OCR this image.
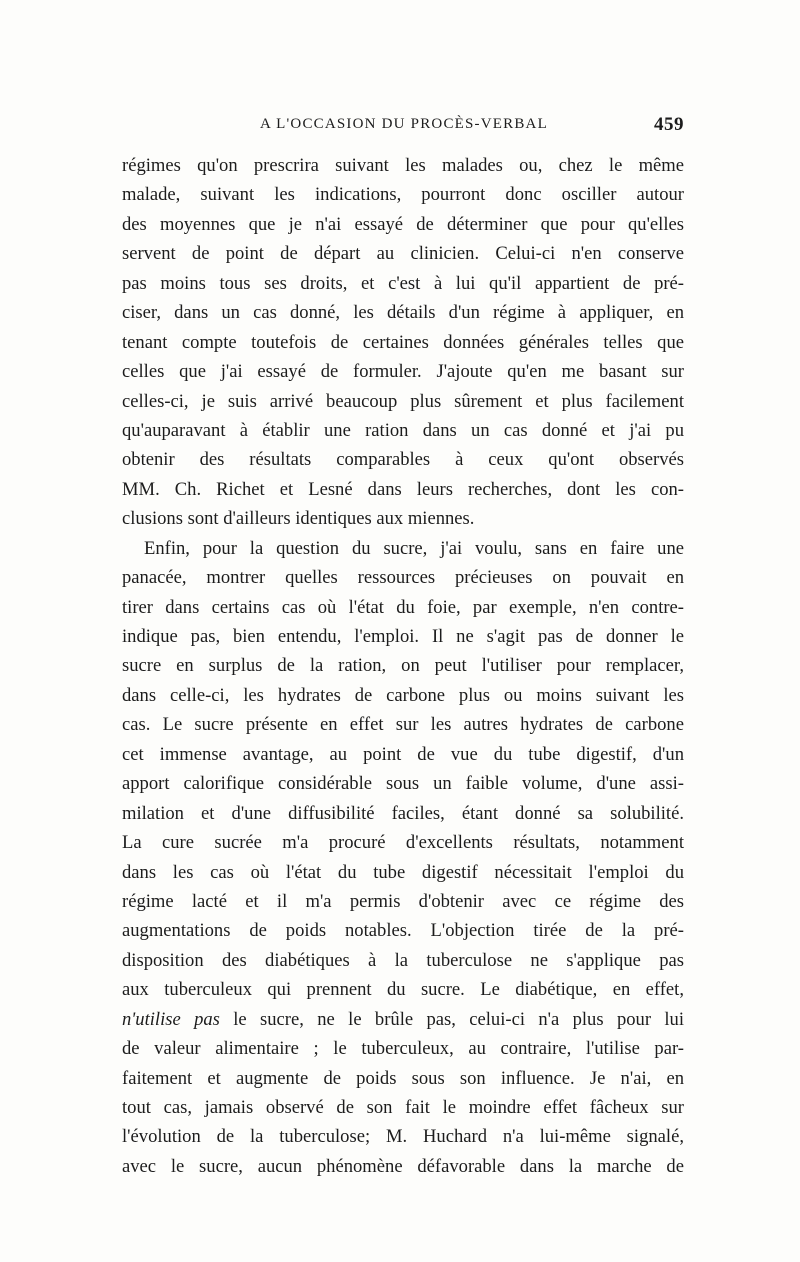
A L'OCCASION DU PROCÈS-VERBAL	459
régimes qu'on prescrira suivant les malades ou, chez le même
malade, suivant les indications, pourront donc osciller autour
des moyennes que je n'ai essayé de déterminer que pour qu'elles
servent de point de départ au clinicien. Celui-ci n'en conserve
pas moins tous ses droits, et c'est à lui qu'il appartient de pré-
ciser, dans un cas donné, les détails d'un régime à appliquer, en
tenant compte toutefois de certaines données générales telles que
celles que j'ai essayé de formuler. J'ajoute qu'en me basant sur
celles-ci, je suis arrivé beaucoup plus sûrement et plus facilement
qu'auparavant à établir une ration dans un cas donné et j'ai pu
obtenir des résultats comparables à ceux qu'ont observés
MM. Ch. Richet et Lesné dans leurs recherches, dont les con-
clusions sont d'ailleurs identiques aux miennes.
Enfin, pour la question du sucre, j'ai voulu, sans en faire une
panacée, montrer quelles ressources précieuses on pouvait en
tirer dans certains cas où l'état du foie, par exemple, n'en contre-
indique pas, bien entendu, l'emploi. Il ne s'agit pas de donner le
sucre en surplus de la ration, on peut l'utiliser pour remplacer,
dans celle-ci, les hydrates de carbone plus ou moins suivant les
cas. Le sucre présente en effet sur les autres hydrates de carbone
cet immense avantage, au point de vue du tube digestif, d'un
apport calorifique considérable sous un faible volume, d'une assi-
milation et d'une diffusibilité faciles, étant donné sa solubilité.
La cure sucrée m'a procuré d'excellents résultats, notamment
dans les cas où l'état du tube digestif nécessitait l'emploi du
régime lacté et il m'a permis d'obtenir avec ce régime des
augmentations de poids notables. L'objection tirée de la pré-
disposition des diabétiques à la tuberculose ne s'applique pas
aux tuberculeux qui prennent du sucre. Le diabétique, en effet,
n'utilise pas le sucre, ne le brûle pas, celui-ci n'a plus pour lui
de valeur alimentaire ; le tuberculeux, au contraire, l'utilise par-
faitement et augmente de poids sous son influence. Je n'ai, en
tout cas, jamais observé de son fait le moindre effet fâcheux sur
l'évolution de la tuberculose; M. Huchard n'a lui-même signalé,
avec le sucre, aucun phénomène défavorable dans la marche de
